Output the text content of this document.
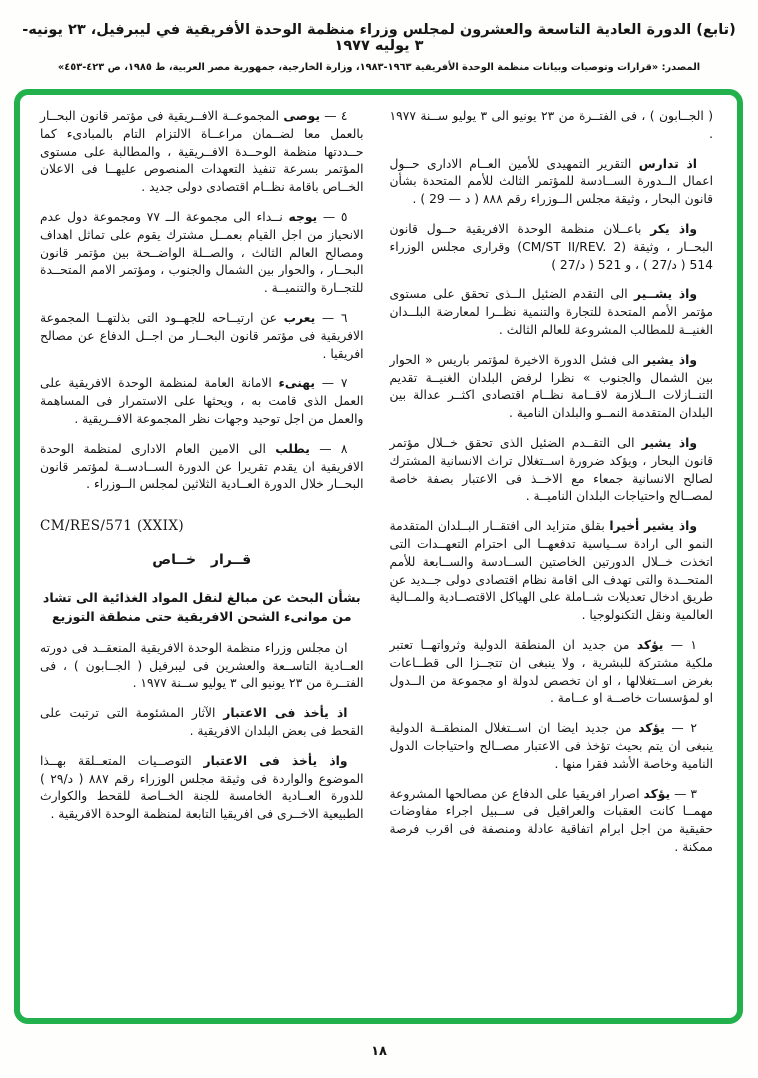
(تابع) الدورة العادية التاسعة والعشرون لمجلس وزراء منظمة الوحدة الأفريقية في ليبرفيل، ٢٣ يونيه- ٣ يوليه ١٩٧٧
المصدر: «قرارات وتوصيات وبيانات منظمة الوحدة الأفريقية ١٩٦٣-١٩٨٣، وزارة الخارجية، جمهورية مصر العربية، ط ١٩٨٥، ص ٤٢٣-٤٥٣»

( الجــابون ) ، فى الفتــرة من ٢٣ يونيو الى ٣ يوليو ســنة ١٩٧٧ .

اذ تدارس التقرير التمهيدى للأمين العــام الادارى حــول اعمال الــدورة الســادسة للمؤتمر الثالث للأمم المتحدة بشأن قانون البحار ، وثيقة مجلس الــوزراء رقم ٨٨٨ ( د — 29 ) .

واذ يكر باعــلان منظمة الوحدة الافريقية حــول قانون البحــار ، وثيقة (CM/ST II/REV. 2) وقرارى مجلس الوزراء 514 ( د/27 ) ، و 521 ( د/27 )

واذ يشــير الى التقدم الضئيل الــذى تحقق على مستوى مؤتمر الأمم المتحدة للتجارة والتنمية نظــرا لمعارضة البلــدان الغنيــة للمطالب المشروعة للعالم الثالث .

واذ يشير الى فشل الدورة الاخيرة لمؤتمر باريس « الحوار بين الشمال والجنوب » نظرا لرفض البلدان الغنيــة تقديم التنــازلات الــلازمة لاقــامة نظــام اقتصادى اكثــر عدالة بين البلدان المتقدمة النمــو والبلدان النامية .

واذ يشير الى التقــدم الضئيل الذى تحقق خــلال مؤتمر قانون البحار ، ويؤكد ضرورة اســتغلال تراث الانسانية المشترك لصالح الانسانية جمعاء مع الاخــذ فى الاعتبار بصفة خاصة لمصــالح واحتياجات البلدان الناميــة .

واذ يشير أخيرا بقلق متزايد الى افتقــار البــلدان المتقدمة النمو الى ارادة ســياسية تدفعهــا الى احترام التعهــدات التى اتخذت خــلال الدورتين الخاصتين الســادسة والســابعة للأمم المتحــدة والتى تهدف الى اقامة نظام اقتصادى دولى جــديد عن طريق ادخال تعديلات شــاملة على الهياكل الاقتصــادية والمــالية العالمية ونقل التكنولوجيا .

١ — يؤكد من جديد ان المنطقة الدولية وثرواتهــا تعتبر ملكية مشتركة للبشرية ، ولا ينبغى ان تتجــزا الى قطــاعات بغرض اســتغلالها ، او ان تخصص لدولة او مجموعة من الــدول او لمؤسسات خاصــة او عــامة .

٢ — يؤكد من جديد ايضا ان اســتغلال المنطقــة الدولية ينبغى ان يتم بحيث تؤخذ فى الاعتبار مصــالح واحتياجات الدول النامية وخاصة الأشد فقرا منها .

٣ — يؤكد اصرار افريقيا على الدفاع عن مصالحها المشروعة مهمــا كانت العقبات والعراقيل فى ســبيل اجراء مفاوضات حقيقية من اجل ابرام اتفاقية عادلة ومنصفة فى اقرب فرصة ممكنة .

٤ — يوصى المجموعــة الافــريقية فى مؤتمر قانون البحــار بالعمل معا لضــمان مراعــاة الالتزام التام بالمبادىء كما حــددتها منظمة الوحــدة الافــريقية ، والمطالبة على مستوى المؤتمر بسرعة تنفيذ التعهدات المنصوص عليهــا فى الاعلان الخــاص باقامة نظــام اقتصادى دولى جديد .

٥ — يوجه نــداء الى مجموعة الــ ٧٧ ومجموعة دول عدم الانحياز من اجل القيام بعمــل مشترك يقوم على تماثل اهداف ومصالح العالم الثالث ، والصــلة الواضــحة بين مؤتمر قانون البحــار ، والحوار بين الشمال والجنوب ، ومؤتمر الامم المتحــدة للتجــارة والتنميــة .

٦ — يعرب عن ارتيــاحه للجهــود التى بذلتهــا المجموعة الافريقية فى مؤتمر قانون البحــار من اجــل الدفاع عن مصالح افريقيا .

٧ — يهنىء الامانة العامة لمنظمة الوحدة الافريقية على العمل الذى قامت به ، ويحثها على الاستمرار فى المساهمة والعمل من اجل توحيد وجهات نظر المجموعة الافــريقية .

٨ — يطلب الى الامين العام الادارى لمنظمة الوحدة الافريقية ان يقدم تقريرا عن الدورة الســادســة لمؤتمر قانون البحــار خلال الدورة العــادية الثلاثين لمجلس الــوزراء .

CM/RES/571 (XXIX)

قــرار خــاص
بشأن البحث عن مبالغ لنقل المواد الغذائية الى تشاد من موانىء الشحن الافريقية حتى منطقة التوزيع

ان مجلس وزراء منظمة الوحدة الافريقية المنعقــد فى دورته العــادية التاســعة والعشرين فى ليبرفيل ( الجــابون ) ، فى الفتــرة من ٢٣ يونيو الى ٣ يوليو ســنة ١٩٧٧ .

اذ يأخذ فى الاعتبار الآثار المشئومة التى ترتبت على القحط فى بعض البلدان الافريقية .

واذ يأخذ فى الاعتبار التوصــيات المتعــلقة بهــذا الموضوع والواردة فى وثيقة مجلس الوزراء رقم ٨٨٧ ( د/٢٩ ) للدورة العــادية الخامسة للجنة الخــاصة للقحط والكوارث الطبيعية الاخــرى فى افريقيا التابعة لمنظمة الوحدة الافريقية .

١٨
